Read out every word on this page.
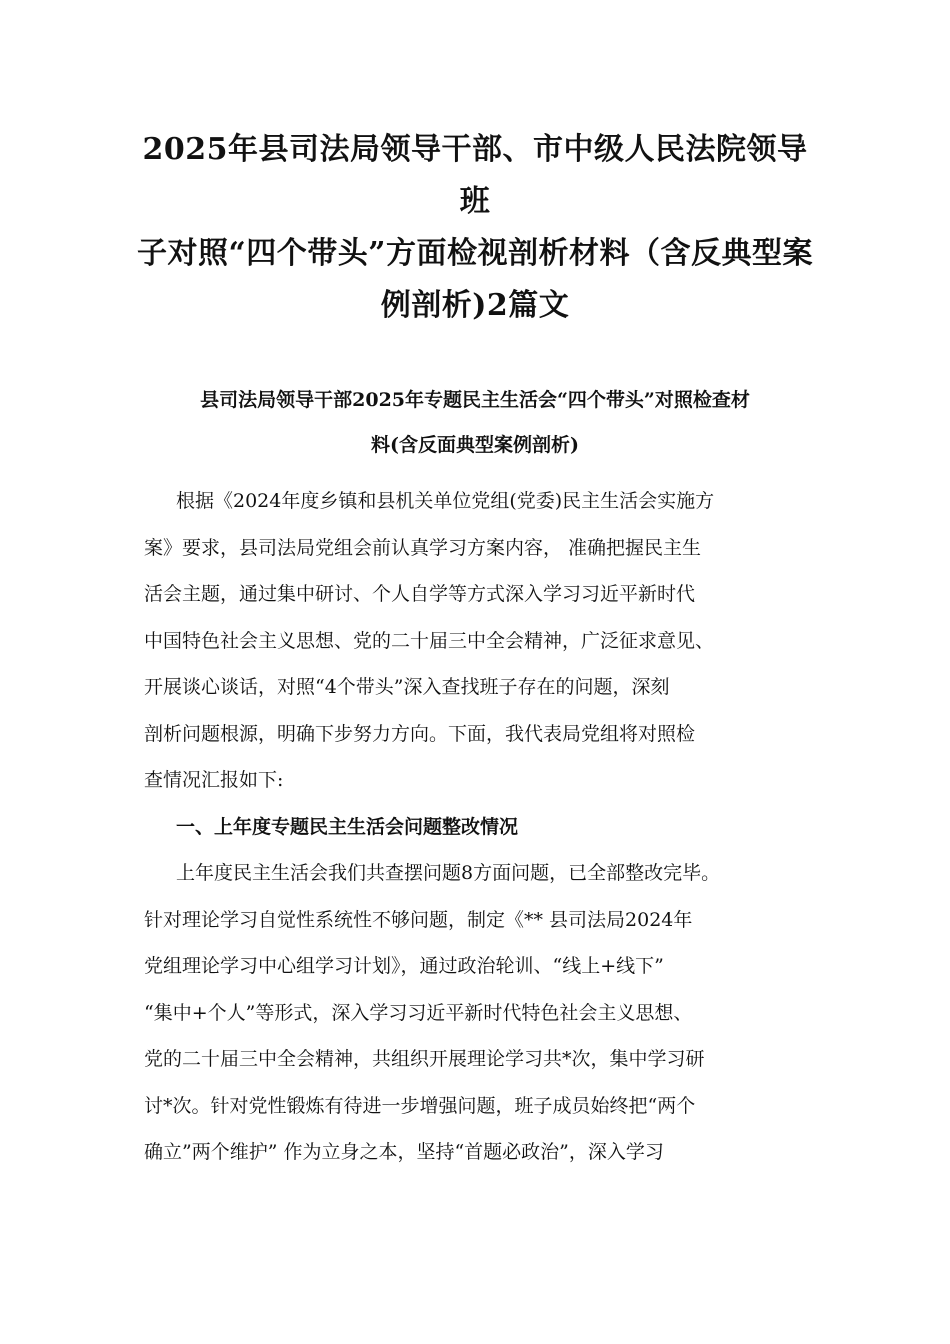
2025年县司法局领导干部、市中级人民法院领导班
子对照“四个带头”方面检视剖析材料（含反典型案
例剖析)2篇文
县司法局领导干部2025年专题民主生活会“四个带头”对照检查材
料(含反面典型案例剖析)
根据《2024年度乡镇和县机关单位党组(党委)民主生活会实施方
案》要求，县司法局党组会前认真学习方案内容， 准确把握民主生
活会主题，通过集中研讨、个人自学等方式深入学习习近平新时代
中国特色社会主义思想、党的二十届三中全会精神，广泛征求意见、
开展谈心谈话，对照“4个带头”深入查找班子存在的问题，深刻
剖析问题根源，明确下步努力方向。下面，我代表局党组将对照检
查情况汇报如下:
一、上年度专题民主生活会问题整改情况
上年度民主生活会我们共查摆问题8方面问题，已全部整改完毕。
针对理论学习自觉性系统性不够问题，制定《** 县司法局2024年
党组理论学习中心组学习计划》，通过政治轮训、“线上+线下”
“集中+个人”等形式，深入学习习近平新时代特色社会主义思想、
党的二十届三中全会精神，共组织开展理论学习共*次，集中学习研
讨*次。针对党性锻炼有待进一步增强问题，班子成员始终把“两个
确立”两个维护” 作为立身之本，坚持“首题必政治”，深入学习
